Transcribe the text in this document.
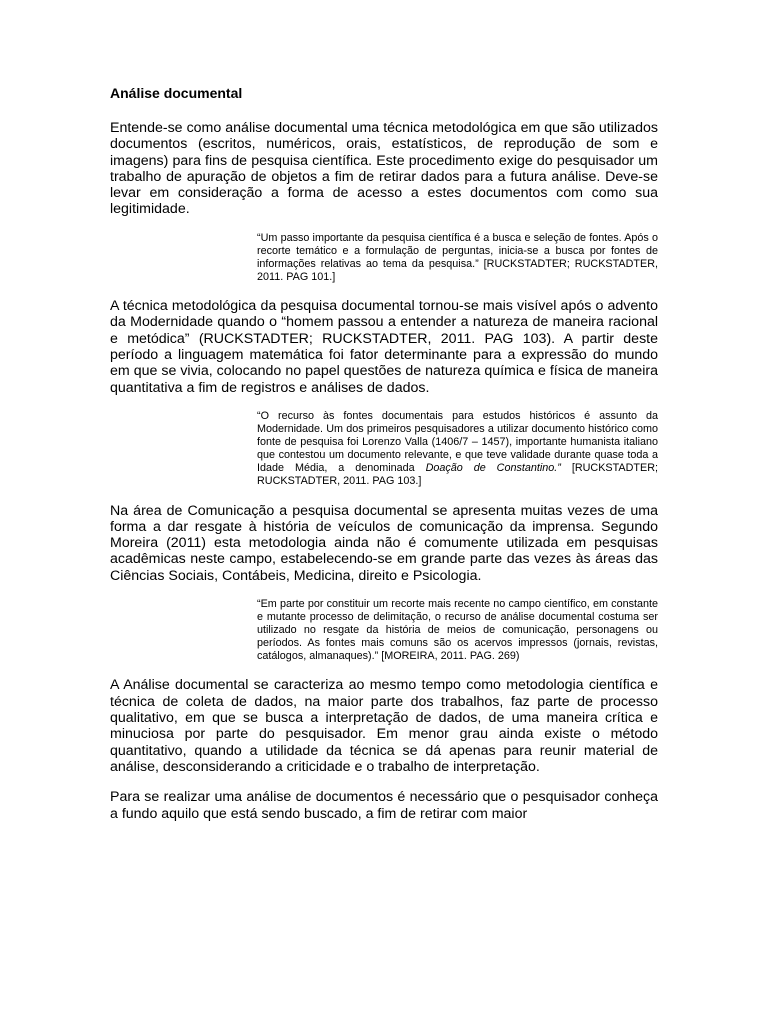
Análise documental

Entende-se como análise documental uma técnica metodológica em que são utilizados documentos (escritos, numéricos, orais, estatísticos, de reprodução de som e imagens) para fins de pesquisa científica. Este procedimento exige do pesquisador um trabalho de apuração de objetos a fim de retirar dados para a futura análise. Deve-se levar em consideração a forma de acesso a estes documentos com como sua legitimidade.

“Um passo importante da pesquisa científica é a busca e seleção de fontes. Após o recorte temático e a formulação de perguntas, inicia-se a busca por fontes de informações relativas ao tema da pesquisa.” [RUCKSTADTER; RUCKSTADTER, 2011. PAG 101.]

A técnica metodológica da pesquisa documental tornou-se mais visível após o advento da Modernidade quando o “homem passou a entender a natureza de maneira racional e metódica” (RUCKSTADTER; RUCKSTADTER, 2011. PAG 103). A partir deste período a linguagem matemática foi fator determinante para a expressão do mundo em que se vivia, colocando no papel questões de natureza química e física de maneira quantitativa a fim de registros e análises de dados.

“O recurso às fontes documentais para estudos históricos é assunto da Modernidade. Um dos primeiros pesquisadores a utilizar documento histórico como fonte de pesquisa foi Lorenzo Valla (1406/7 – 1457), importante humanista italiano que contestou um documento relevante, e que teve validade durante quase toda a Idade Média, a denominada Doação de Constantino.” [RUCKSTADTER; RUCKSTADTER, 2011. PAG 103.]

Na área de Comunicação a pesquisa documental se apresenta muitas vezes de uma forma a dar resgate à história de veículos de comunicação da imprensa. Segundo Moreira (2011) esta metodologia ainda não é comumente utilizada em pesquisas acadêmicas neste campo, estabelecendo-se em grande parte das vezes às áreas das Ciências Sociais, Contábeis, Medicina, direito e Psicologia.

“Em parte por constituir um recorte mais recente no campo científico, em constante e mutante processo de delimitação, o recurso de análise documental costuma ser utilizado no resgate da história de meios de comunicação, personagens ou períodos. As fontes mais comuns são os acervos impressos (jornais, revistas, catálogos, almanaques).” [MOREIRA, 2011. PAG. 269)

A Análise documental se caracteriza ao mesmo tempo como metodologia científica e técnica de coleta de dados, na maior parte dos trabalhos, faz parte de processo qualitativo, em que se busca a interpretação de dados, de uma maneira crítica e minuciosa por parte do pesquisador. Em menor grau ainda existe o método quantitativo, quando a utilidade da técnica se dá apenas para reunir material de análise, desconsiderando a criticidade e o trabalho de interpretação.

Para se realizar uma análise de documentos é necessário que o pesquisador conheça a fundo aquilo que está sendo buscado, a fim de retirar com maior
